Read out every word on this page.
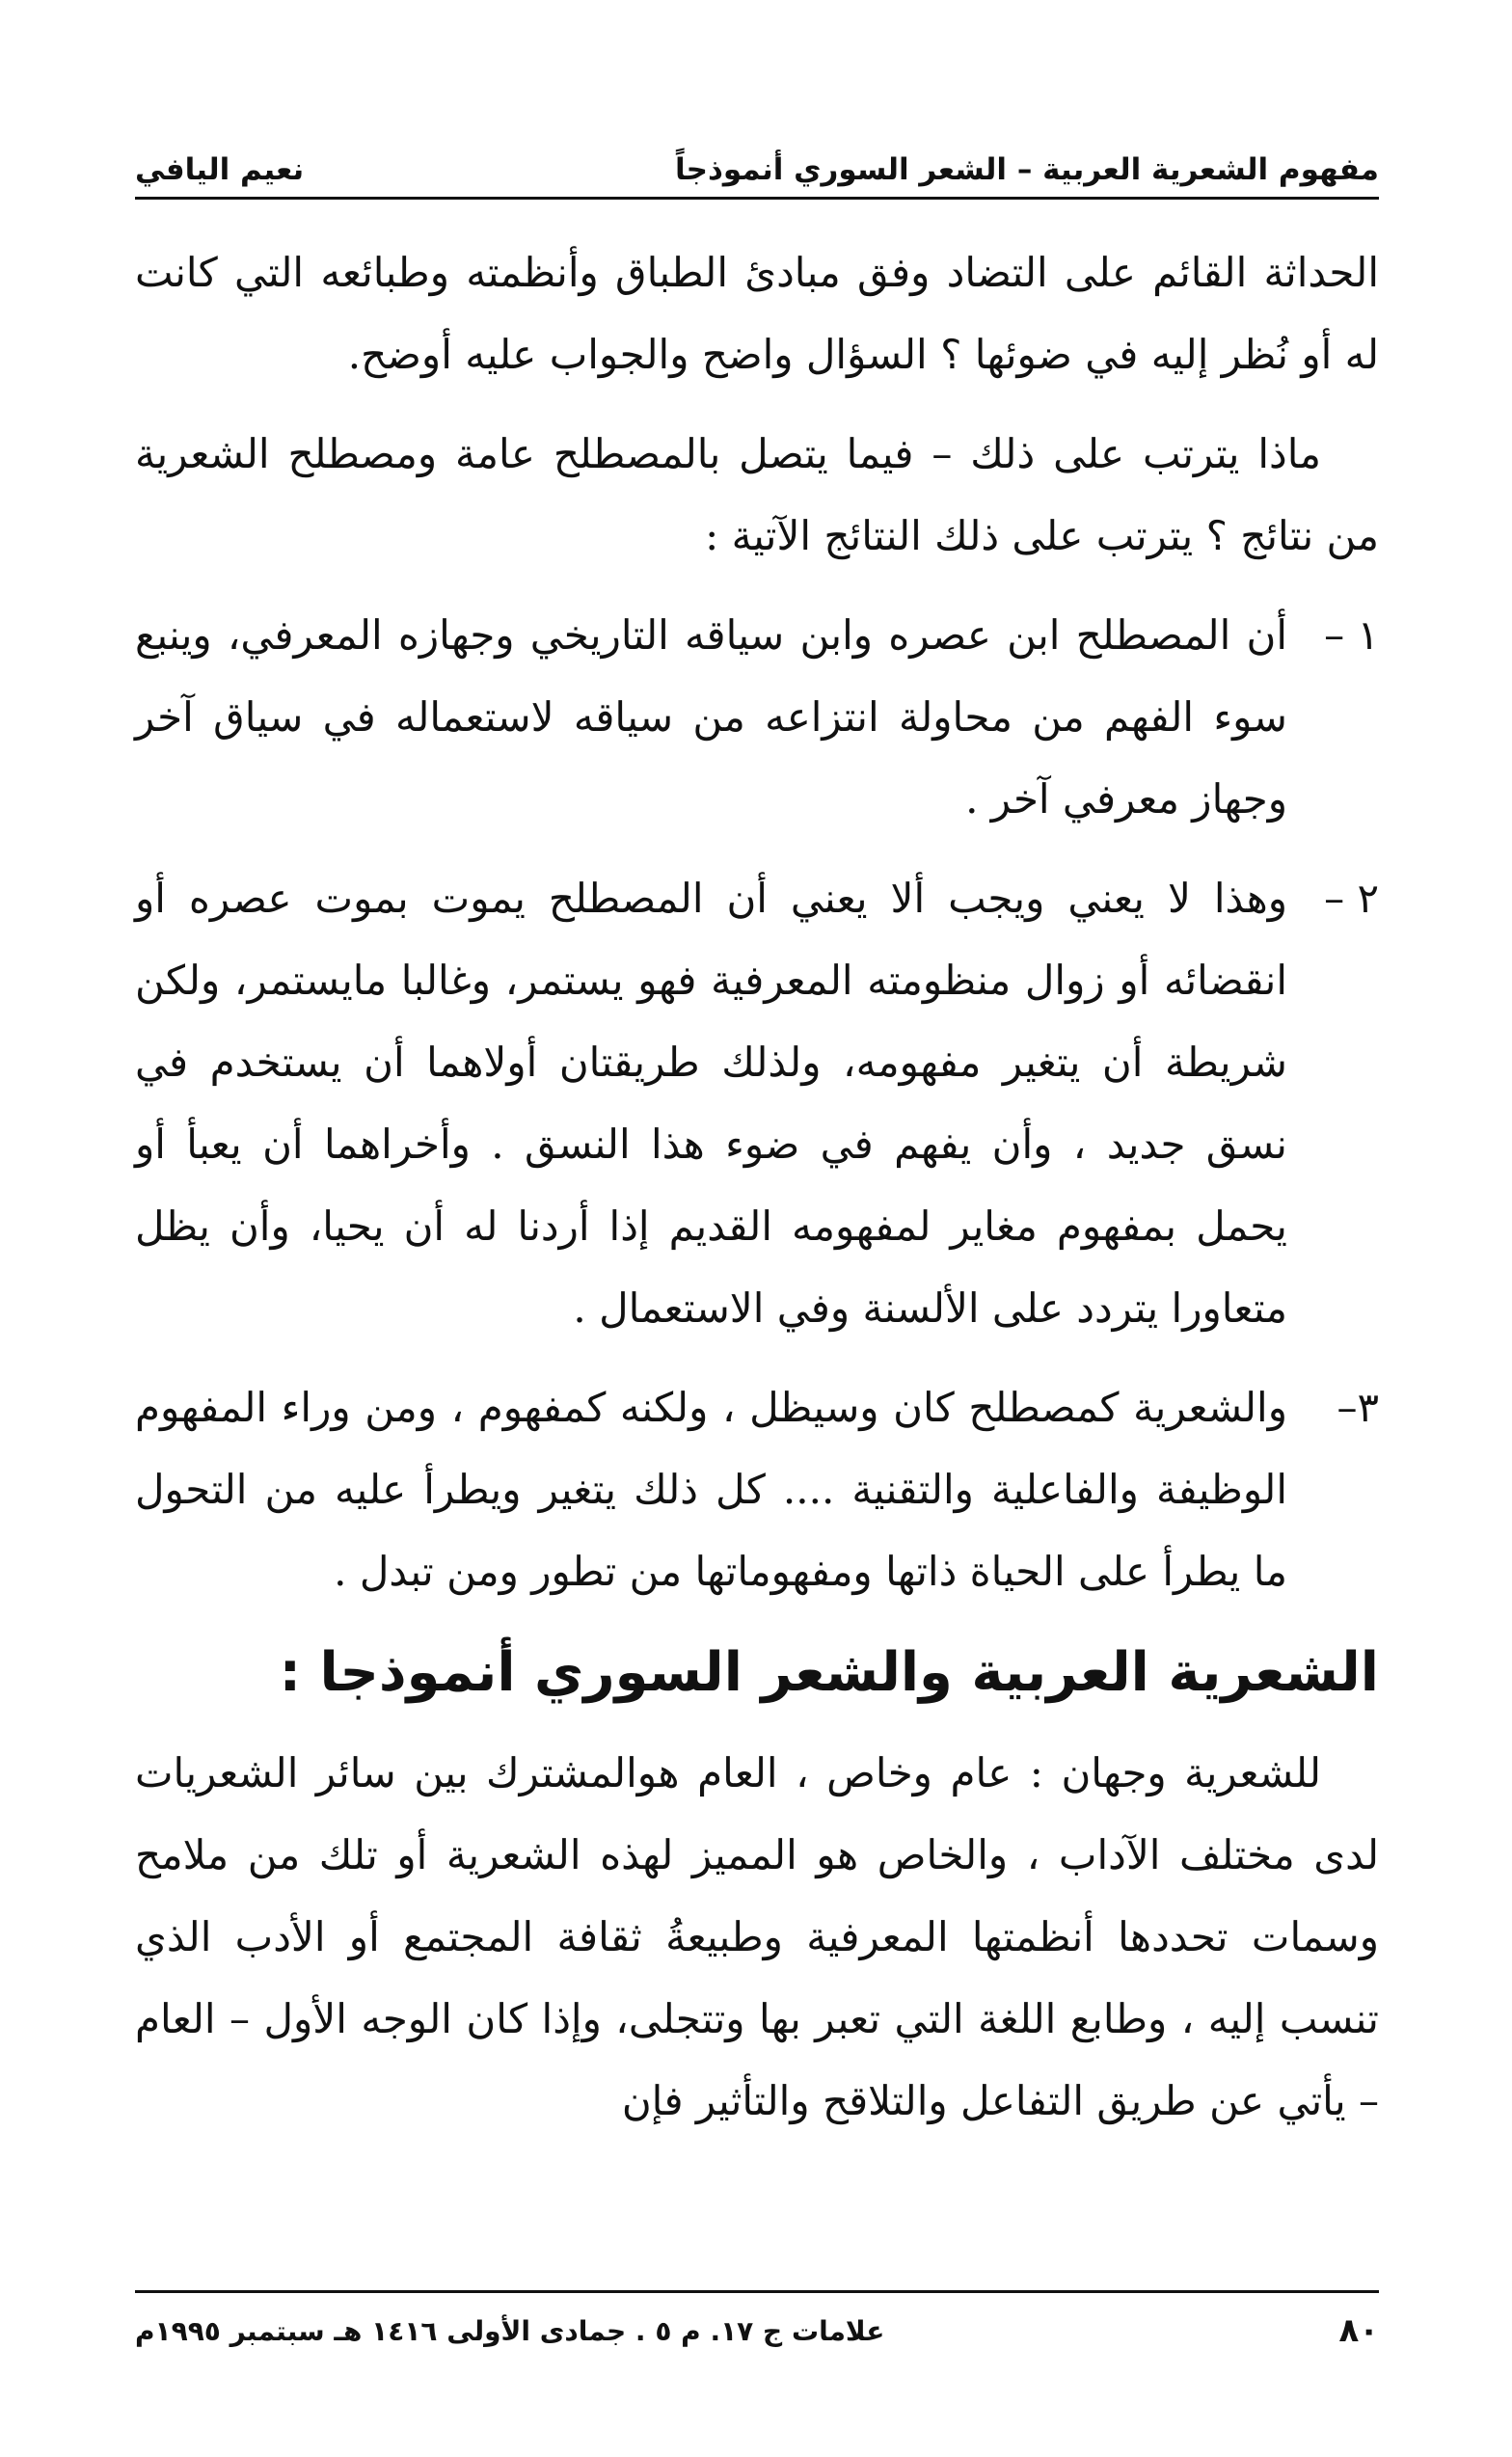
مفهوم الشعرية العربية – الشعر السوري أنموذجاً
نعيم اليافي

الحداثة القائم على التضاد وفق مبادئ الطباق وأنظمته وطبائعه التي كانت له أو نُظر إليه في ضوئها ؟ السؤال واضح والجواب عليه أوضح.

ماذا يترتب على ذلك – فيما يتصل بالمصطلح عامة ومصطلح الشعرية من نتائج ؟ يترتب على ذلك النتائج الآتية :

١ –
أن المصطلح ابن عصره وابن سياقه التاريخي وجهازه المعرفي، وينبع سوء الفهم من محاولة انتزاعه من سياقه لاستعماله في سياق آخر وجهاز معرفي آخر .
٢ –
وهذا لا يعني ويجب ألا يعني أن المصطلح يموت بموت عصره أو انقضائه أو زوال منظومته المعرفية فهو يستمر، وغالبا مايستمر، ولكن شريطة أن يتغير مفهومه، ولذلك طريقتان أولاهما أن يستخدم في نسق جديد ، وأن يفهم في ضوء هذا النسق . وأخراهما أن يعبأ أو يحمل بمفهوم مغاير لمفهومه القديم إذا أردنا له أن يحيا، وأن يظل متعاورا يتردد على الألسنة وفي الاستعمال .
٣–
والشعرية كمصطلح كان وسيظل ، ولكنه كمفهوم ، ومن وراء المفهوم الوظيفة والفاعلية والتقنية .... كل ذلك يتغير ويطرأ عليه من التحول ما يطرأ على الحياة ذاتها ومفهوماتها من تطور ومن تبدل .
الشعرية العربية والشعر السوري أنموذجا :

للشعرية وجهان : عام وخاص ، العام هوالمشترك بين سائر الشعريات لدى مختلف الآداب ، والخاص هو المميز لهذه الشعرية أو تلك من ملامح وسمات تحددها أنظمتها المعرفية وطبيعةُ ثقافة المجتمع أو الأدب الذي تنسب إليه ، وطابع اللغة التي تعبر بها وتتجلى، وإذا كان الوجه الأول – العام – يأتي عن طريق التفاعل والتلاقح والتأثير فإن

٨٠
علامات ج ١٧. م ٥ . جمادى الأولى ١٤١٦ هـ سبتمبر ١٩٩٥م
